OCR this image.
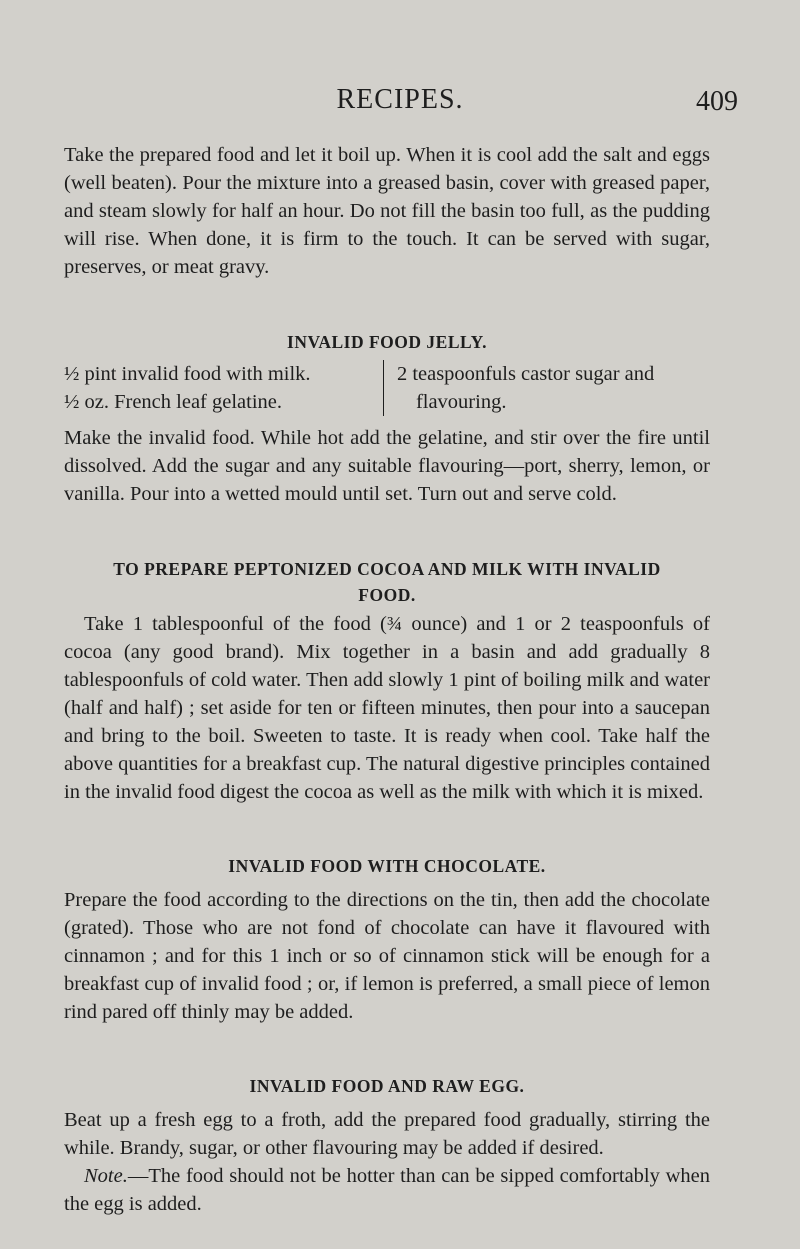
RECIPES.	409

Take the prepared food and let it boil up. When it is cool add the salt and eggs (well beaten). Pour the mixture into a greased basin, cover with greased paper, and steam slowly for half an hour. Do not fill the basin too full, as the pudding will rise. When done, it is firm to the touch. It can be served with sugar, preserves, or meat gravy.

INVALID FOOD JELLY.
½ pint invalid food with milk.
½ oz. French leaf gelatine.
2 teaspoonfuls castor sugar and
flavouring.

Make the invalid food. While hot add the gelatine, and stir over the fire until dissolved. Add the sugar and any suitable flavouring—port, sherry, lemon, or vanilla. Pour into a wetted mould until set. Turn out and serve cold.

TO PREPARE PEPTONIZED COCOA AND MILK WITH INVALID FOOD.

Take 1 tablespoonful of the food (¾ ounce) and 1 or 2 teaspoonfuls of cocoa (any good brand). Mix together in a basin and add gradually 8 tablespoonfuls of cold water. Then add slowly 1 pint of boiling milk and water (half and half) ; set aside for ten or fifteen minutes, then pour into a saucepan and bring to the boil. Sweeten to taste. It is ready when cool. Take half the above quantities for a breakfast cup. The natural digestive principles contained in the invalid food digest the cocoa as well as the milk with which it is mixed.

INVALID FOOD WITH CHOCOLATE.

Prepare the food according to the directions on the tin, then add the chocolate (grated). Those who are not fond of chocolate can have it flavoured with cinnamon ; and for this 1 inch or so of cinnamon stick will be enough for a breakfast cup of invalid food ; or, if lemon is preferred, a small piece of lemon rind pared off thinly may be added.

INVALID FOOD AND RAW EGG.

Beat up a fresh egg to a froth, add the prepared food gradually, stirring the while. Brandy, sugar, or other flavouring may be added if desired.

Note.—The food should not be hotter than can be sipped comfortably when the egg is added.
